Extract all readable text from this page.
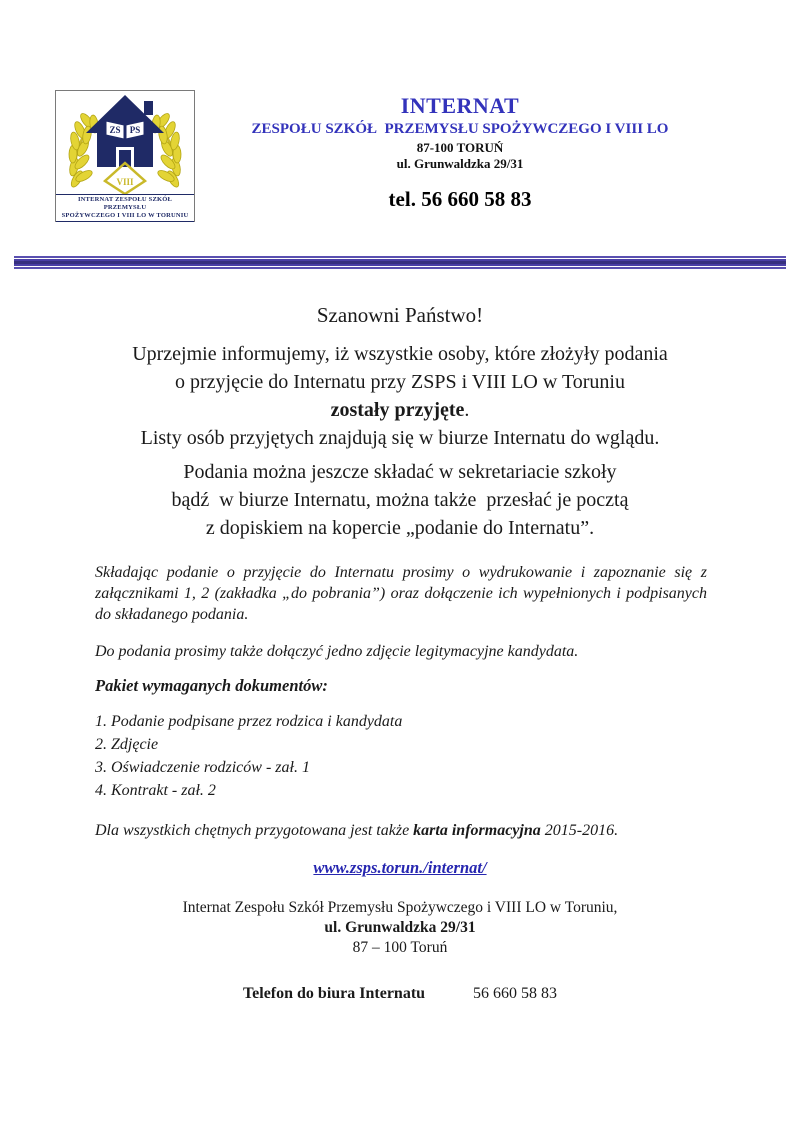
ZS PS
VIII
INTERNAT ZESPOŁU SZKÓŁ PRZEMYSŁU
SPOŻYWCZEGO I VIII LO W TORUNIU
INTERNAT
ZESPOŁU SZKÓŁ  PRZEMYSŁU SPOŻYWCZEGO I VIII LO
87-100 TORUŃ
ul. Grunwaldzka 29/31
tel. 56 660 58 83
Szanowni Państwo!
Uprzejmie informujemy, iż wszystkie osoby, które złożyły podania
o przyjęcie do Internatu przy ZSPS i VIII LO w Toruniu
zostały przyjęte.
Listy osób przyjętych znajdują się w biurze Internatu do wglądu.
Podania można jeszcze składać w sekretariacie szkoły
bądź  w biurze Internatu, można także  przesłać je pocztą
z dopiskiem na kopercie „podanie do Internatu”.
Składając podanie o przyjęcie do Internatu prosimy o wydrukowanie i zapoznanie się z załącznikami 1, 2 (zakładka „do pobrania”) oraz dołączenie ich wypełnionych i podpisanych do składanego podania.
Do podania prosimy także dołączyć jedno zdjęcie legitymacyjne kandydata.
Pakiet wymaganych dokumentów:
1. Podanie podpisane przez rodzica i kandydata
2. Zdjęcie
3. Oświadczenie rodziców - zał. 1
4. Kontrakt - zał. 2
Dla wszystkich chętnych przygotowana jest także karta informacyjna 2015-2016.
www.zsps.torun./internat/
Internat Zespołu Szkół Przemysłu Spożywczego i VIII LO w Toruniu,
ul. Grunwaldzka 29/31
87 – 100 Toruń
Telefon do biura Internatu	56 660 58 83
